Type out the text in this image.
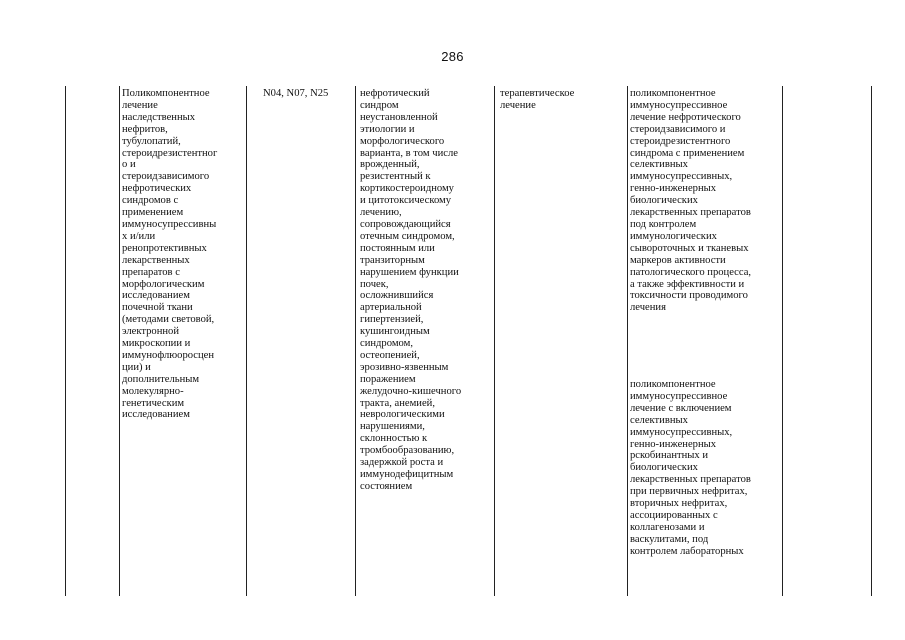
286
Поликомпонентное
лечение
наследственных
нефритов,
тубулопатий,
стероидрезистентног
о и
стероидзависимого
нефротических
синдромов с
применением
иммуносупрессивны
х и/или
ренопротективных
лекарственных
препаратов с
морфологическим
исследованием
почечной ткани
(методами световой,
электронной
микроскопии и
иммунофлюоросцен
ции) и
дополнительным
молекулярно-
генетическим
исследованием
N04, N07, N25	нефротический
синдром
неустановленной
этиологии и
морфологического
варианта, в том числе
врожденный,
резистентный к
кортикостероидному
и цитотоксическому
лечению,
сопровождающийся
отечным синдромом,
постоянным или
транзиторным
нарушением функции
почек,
осложнившийся
артериальной
гипертензией,
кушингоидным
синдромом,
остеопенией,
эрозивно-язвенным
поражением
желудочно-кишечного
тракта, анемией,
неврологическими
нарушениями,
склонностью к
тромбообразованию,
задержкой роста и
иммунодефицитным
состоянием
терапевтическое
лечение
поликомпонентное
иммуносупрессивное
лечение нефротического
стероидзависимого и
стероидрезистентного
синдрома с применением
селективных
иммуносупрессивных,
генно-инженерных
биологических
лекарственных препаратов
под контролем
иммунологических
сывороточных и тканевых
маркеров активности
патологического процесса,
а также эффективности и
токсичности проводимого
лечения
поликомпонентное
иммуносупрессивное
лечение с включением
селективных
иммуносупрессивных,
генно-инженерных
рскобинантных и
биологических
лекарственных препаратов
при первичных нефритах,
вторичных нефритах,
ассоциированных с
коллагенозами и
васкулитами, под
контролем лабораторных
